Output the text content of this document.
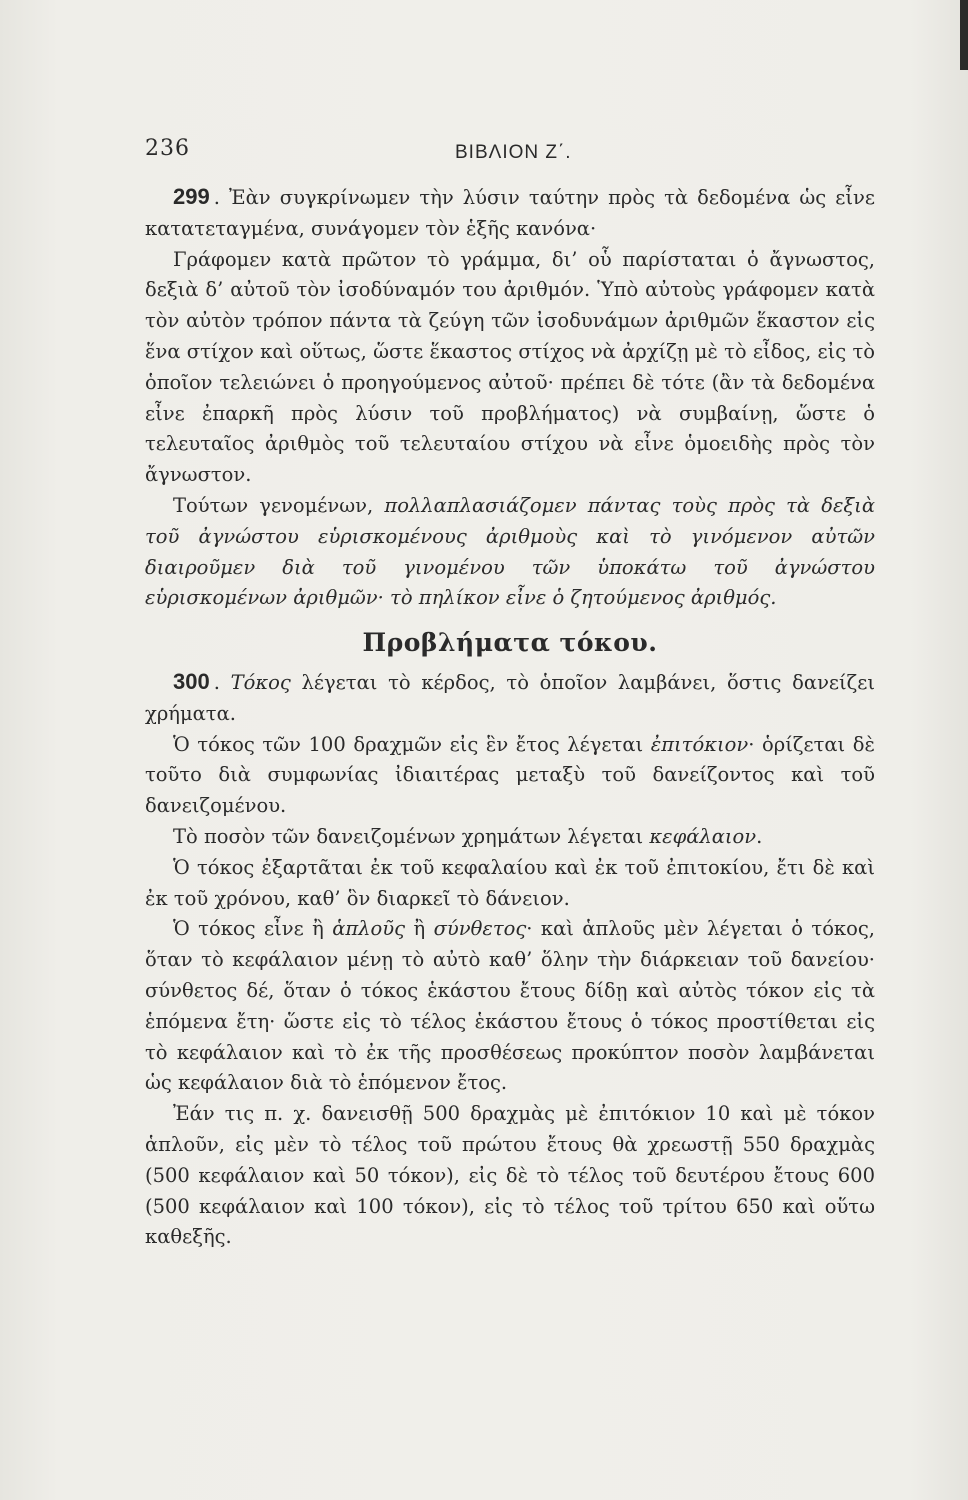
236	ΒΙΒΛΙΟΝ Ζ΄.

299 . Ἐὰν συγκρίνωμεν τὴν λύσιν ταύτην πρὸς τὰ δεδομένα ὡς εἶνε κατατεταγμένα, συνάγομεν τὸν ἑξῆς κανόνα·

Γράφομεν κατὰ πρῶτον τὸ γράμμα, δι’ οὗ παρίσταται ὁ ἄγνωστος, δεξιὰ δ’ αὐτοῦ τὸν ἰσοδύναμόν του ἀριθμόν. Ὑπὸ αὐτοὺς γράφομεν κατὰ τὸν αὐτὸν τρόπον πάντα τὰ ζεύγη τῶν ἰσοδυνάμων ἀριθμῶν ἕκαστον εἰς ἕνα στίχον καὶ οὕτως, ὥστε ἕκαστος στίχος νὰ ἀρχίζῃ μὲ τὸ εἶδος, εἰς τὸ ὁποῖον τελειώνει ὁ προηγούμενος αὐτοῦ· πρέπει δὲ τότε (ἂν τὰ δεδομένα εἶνε ἐπαρκῆ πρὸς λύσιν τοῦ προβλήματος) νὰ συμβαίνῃ, ὥστε ὁ τελευταῖος ἀριθμὸς τοῦ τελευταίου στίχου νὰ εἶνε ὁμοειδὴς πρὸς τὸν ἄγνωστον.

Τούτων γενομένων, πολλαπλασιάζομεν πάντας τοὺς πρὸς τὰ δεξιὰ τοῦ ἀγνώστου εὑρισκομένους ἀριθμοὺς καὶ τὸ γινόμενον αὐτῶν διαιροῦμεν διὰ τοῦ γινομένου τῶν ὑποκάτω τοῦ ἀγνώστου εὑρισκομένων ἀριθμῶν· τὸ πηλίκον εἶνε ὁ ζητούμενος ἀριθμός.

Προβλήματα τόκου.

300 . Τόκος λέγεται τὸ κέρδος, τὸ ὁποῖον λαμβάνει, ὅστις δανείζει χρήματα.

Ὁ τόκος τῶν 100 δραχμῶν εἰς ἓν ἔτος λέγεται ἐπιτόκιον· ὁρίζεται δὲ τοῦτο διὰ συμφωνίας ἰδιαιτέρας μεταξὺ τοῦ δανείζοντος καὶ τοῦ δανειζομένου.

Τὸ ποσὸν τῶν δανειζομένων χρημάτων λέγεται κεφάλαιον.

Ὁ τόκος ἐξαρτᾶται ἐκ τοῦ κεφαλαίου καὶ ἐκ τοῦ ἐπιτοκίου, ἔτι δὲ καὶ ἐκ τοῦ χρόνου, καθ’ ὃν διαρκεῖ τὸ δάνειον.

Ὁ τόκος εἶνε ἢ ἁπλοῦς ἢ σύνθετος· καὶ ἁπλοῦς μὲν λέγεται ὁ τόκος, ὅταν τὸ κεφάλαιον μένῃ τὸ αὐτὸ καθ’ ὅλην τὴν διάρκειαν τοῦ δανείου· σύνθετος δέ, ὅταν ὁ τόκος ἑκάστου ἔτους δίδῃ καὶ αὐτὸς τόκον εἰς τὰ ἑπόμενα ἔτη· ὥστε εἰς τὸ τέλος ἑκάστου ἔτους ὁ τόκος προστίθεται εἰς τὸ κεφάλαιον καὶ τὸ ἐκ τῆς προσθέσεως προκύπτον ποσὸν λαμβάνεται ὡς κεφάλαιον διὰ τὸ ἑπόμενον ἔτος.

Ἐάν τις π. χ. δανεισθῇ 500 δραχμὰς μὲ ἐπιτόκιον 10 καὶ μὲ τόκον ἁπλοῦν, εἰς μὲν τὸ τέλος τοῦ πρώτου ἔτους θὰ χρεωστῇ 550 δραχμὰς (500 κεφάλαιον καὶ 50 τόκον), εἰς δὲ τὸ τέλος τοῦ δευτέρου ἔτους 600 (500 κεφάλαιον καὶ 100 τόκον), εἰς τὸ τέλος τοῦ τρίτου 650 καὶ οὕτω καθεξῆς.
